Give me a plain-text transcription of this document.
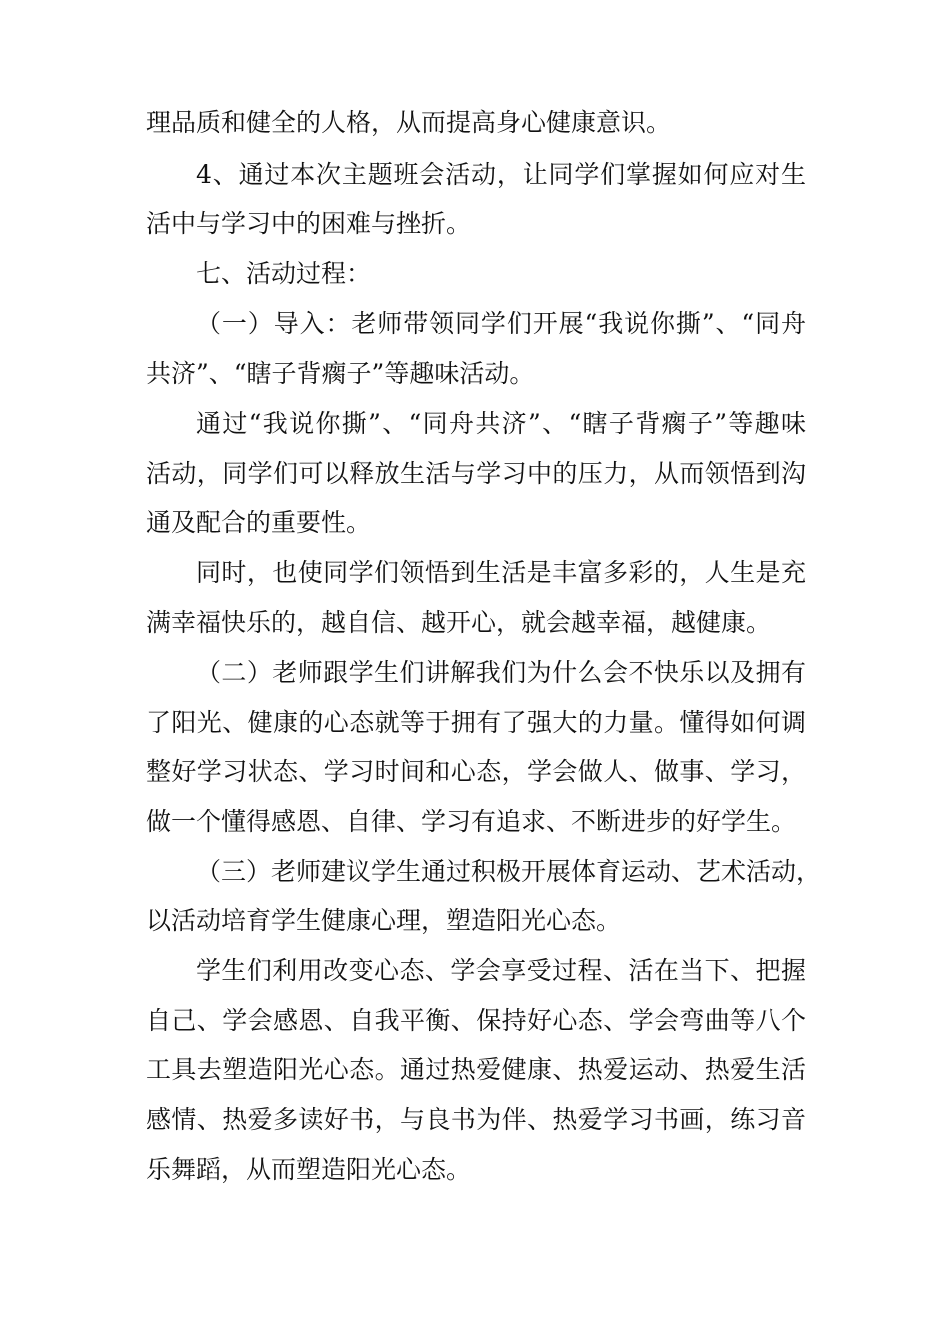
理品质和健全的人格，从而提高身心健康意识。
4、通过本次主题班会活动，让同学们掌握如何应对生
活中与学习中的困难与挫折。
七、活动过程：
（一）导入：老师带领同学们开展“我说你撕”、“同舟
共济”、“瞎子背瘸子”等趣味活动。
通过“我说你撕”、“同舟共济”、“瞎子背瘸子”等趣味
活动，同学们可以释放生活与学习中的压力，从而领悟到沟
通及配合的重要性。
同时，也使同学们领悟到生活是丰富多彩的，人生是充
满幸福快乐的，越自信、越开心，就会越幸福，越健康。
（二）老师跟学生们讲解我们为什么会不快乐以及拥有
了阳光、健康的心态就等于拥有了强大的力量。懂得如何调
整好学习状态、学习时间和心态，学会做人、做事、学习，
做一个懂得感恩、自律、学习有追求、不断进步的好学生。
（三）老师建议学生通过积极开展体育运动、艺术活动，
以活动培育学生健康心理，塑造阳光心态。
学生们利用改变心态、学会享受过程、活在当下、把握
自己、学会感恩、自我平衡、保持好心态、学会弯曲等八个
工具去塑造阳光心态。通过热爱健康、热爱运动、热爱生活
感情、热爱多读好书，与良书为伴、热爱学习书画，练习音
乐舞蹈，从而塑造阳光心态。
